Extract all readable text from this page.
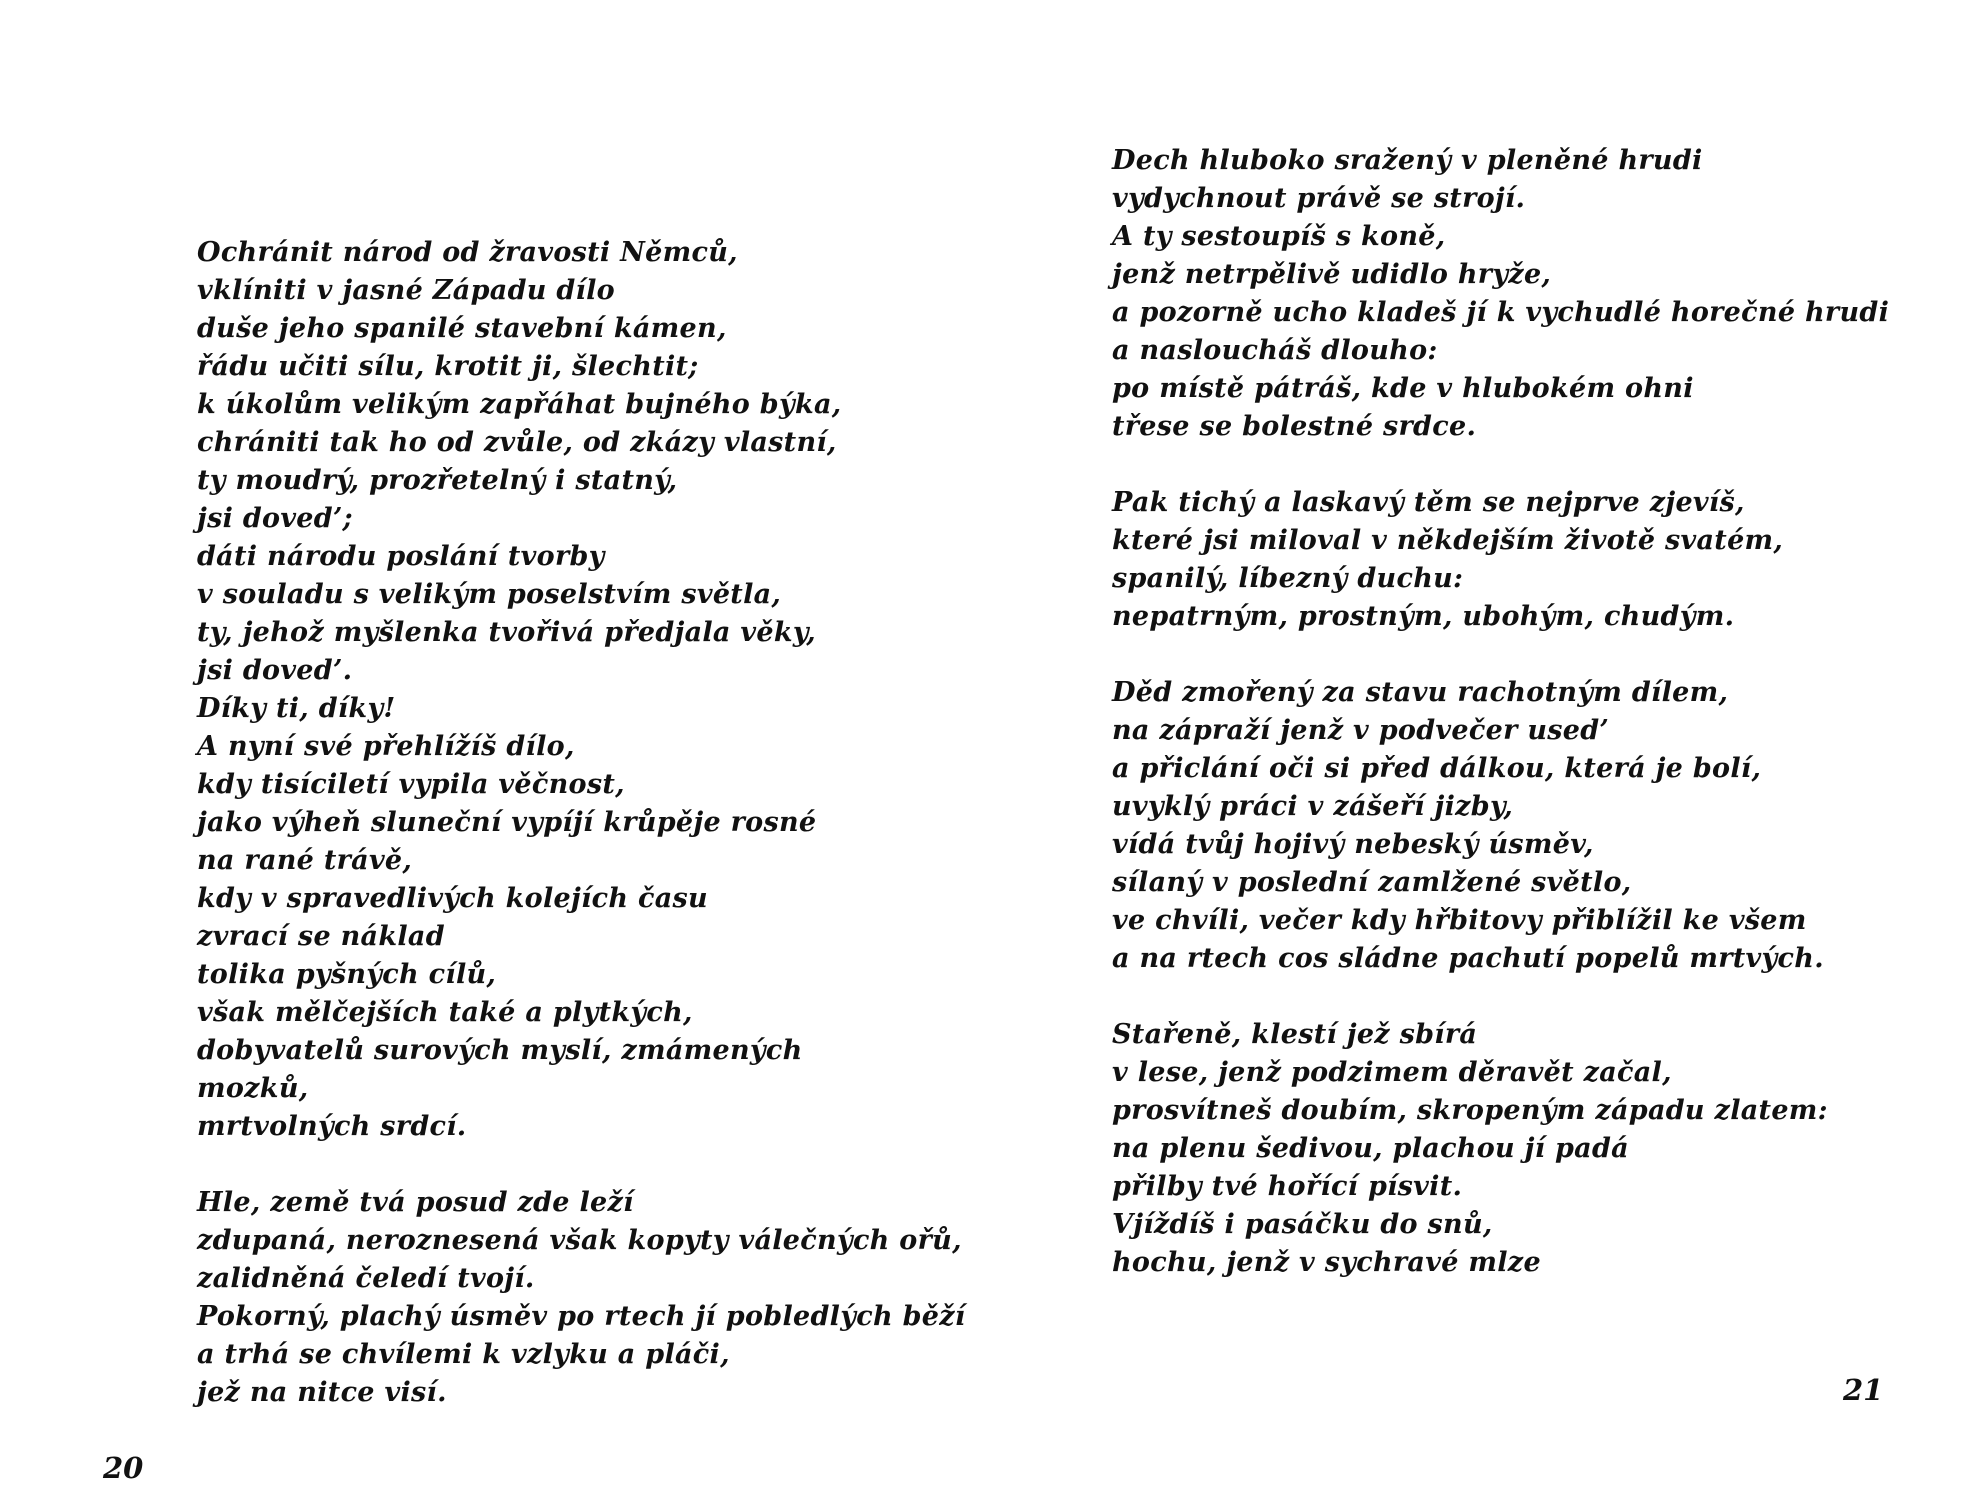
Ochránit národ od žravosti Němců,
vklíniti v jasné Západu dílo
duše jeho spanilé stavební kámen,
řádu učiti sílu, krotit ji, šlechtit;
k úkolům velikým zapřáhat bujného býka,
chrániti tak ho od zvůle, od zkázy vlastní,
ty moudrý, prozřetelný i statný,
jsi doved’;
dáti národu poslání tvorby
v souladu s velikým poselstvím světla,
ty, jehož myšlenka tvořivá předjala věky,
jsi doved’.
Díky ti, díky!
A nyní své přehlížíš dílo,
kdy tisíciletí vypila věčnost,
jako výheň sluneční vypíjí krůpěje rosné
na rané trávě,
kdy v spravedlivých kolejích času
zvrací se náklad
tolika pyšných cílů,
však mělčejších také a plytkých,
dobyvatelů surových myslí, zmámených
mozků,
mrtvolných srdcí.
Hle, země tvá posud zde leží
zdupaná, neroznesená však kopyty válečných ořů,
zalidněná čeledí tvojí.
Pokorný, plachý úsměv po rtech jí pobledlých běží
a trhá se chvílemi k vzlyku a pláči,
jež na nitce visí.
20
Dech hluboko sražený v pleněné hrudi
vydychnout právě se strojí.
A ty sestoupíš s koně,
jenž netrpělivě udidlo hryže,
a pozorně ucho kladeš jí k vychudlé horečné hrudi
a nasloucháš dlouho:
po místě pátráš, kde v hlubokém ohni
třese se bolestné srdce.
Pak tichý a laskavý těm se nejprve zjevíš,
které jsi miloval v někdejším životě svatém,
spanilý, líbezný duchu:
nepatrným, prostným, ubohým, chudým.
Děd zmořený za stavu rachotným dílem,
na zápraží jenž v podvečer used’
a přiclání oči si před dálkou, která je bolí,
uvyklý práci v zášeří jizby,
vídá tvůj hojivý nebeský úsměv,
sílaný v poslední zamlžené světlo,
ve chvíli, večer kdy hřbitovy přiblížil ke všem
a na rtech cos sládne pachutí popelů mrtvých.
Stařeně, klestí jež sbírá
v lese, jenž podzimem děravět začal,
prosvítneš doubím, skropeným západu zlatem:
na plenu šedivou, plachou jí padá
přilby tvé hořící písvit.
Vjíždíš i pasáčku do snů,
hochu, jenž v sychravé mlze
21
